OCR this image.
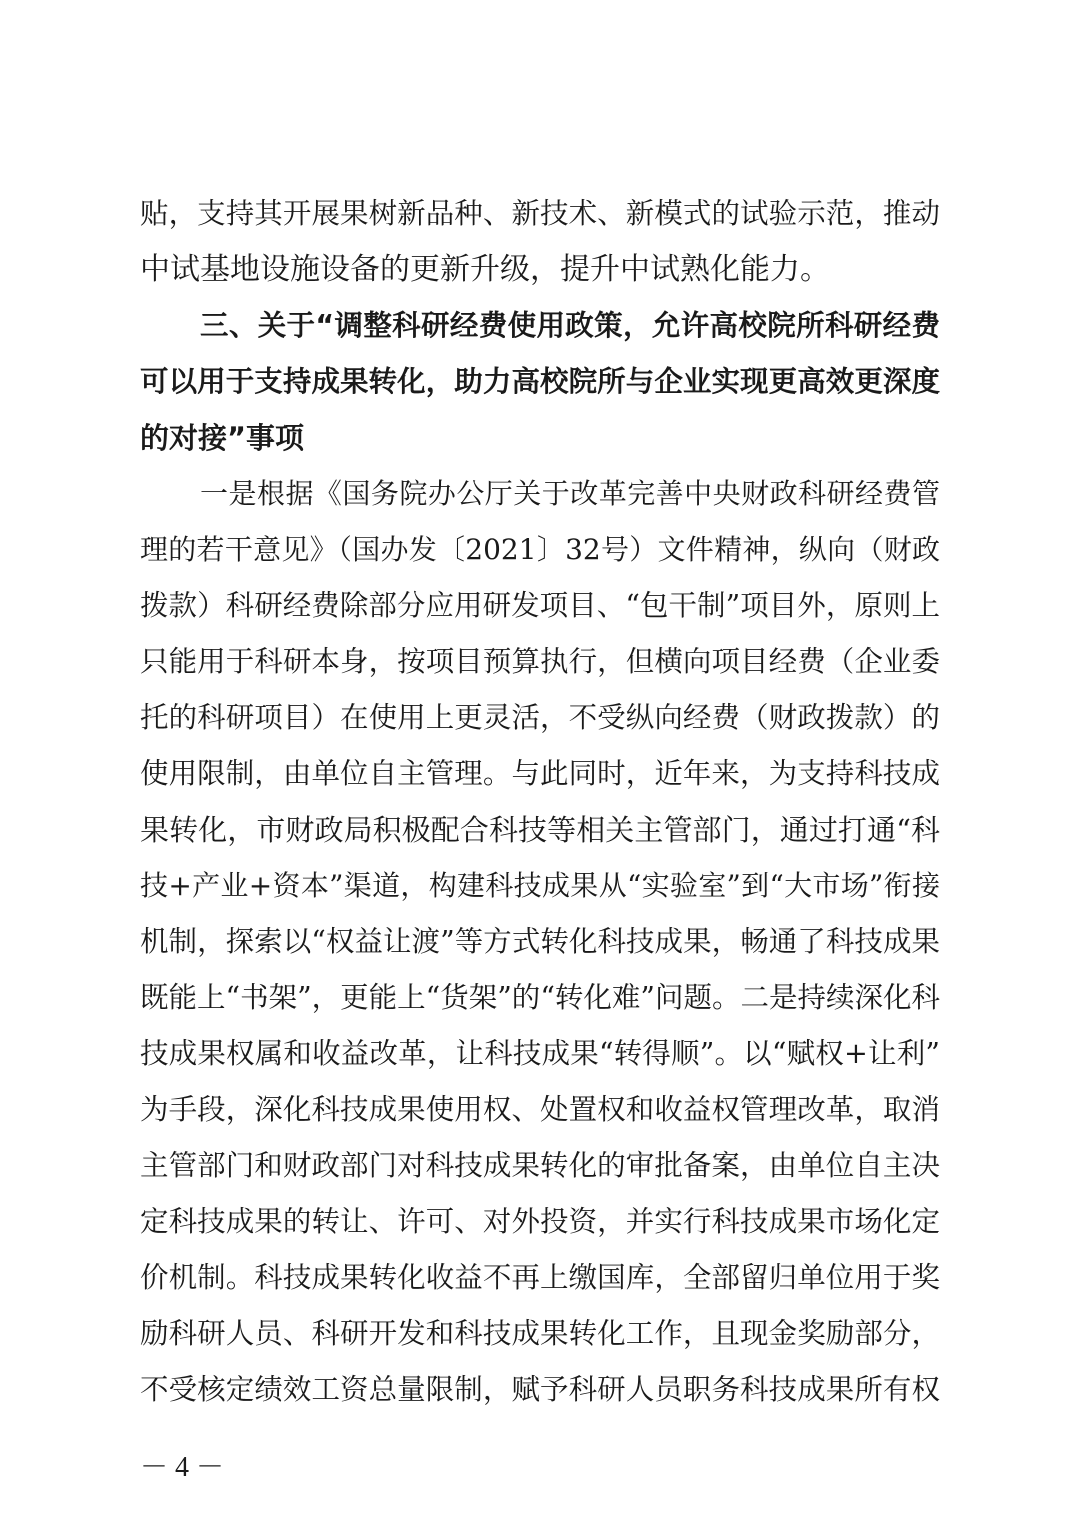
贴，支持其开展果树新品种、新技术、新模式的试验示范，推动
中试基地设施设备的更新升级，提升中试熟化能力。
三、关于“调整科研经费使用政策，允许高校院所科研经费
可以用于支持成果转化，助力高校院所与企业实现更高效更深度
的对接”事项
一是根据《国务院办公厅关于改革完善中央财政科研经费管
理的若干意见》（国办发〔2021〕32号）文件精神，纵向（财政
拨款）科研经费除部分应用研发项目、“包干制”项目外，原则上
只能用于科研本身，按项目预算执行，但横向项目经费（企业委
托的科研项目）在使用上更灵活，不受纵向经费（财政拨款）的
使用限制，由单位自主管理。与此同时，近年来，为支持科技成
果转化，市财政局积极配合科技等相关主管部门，通过打通“科
技+产业+资本”渠道，构建科技成果从“实验室”到“大市场”衔接
机制，探索以“权益让渡”等方式转化科技成果，畅通了科技成果
既能上“书架”，更能上“货架”的“转化难”问题。二是持续深化科
技成果权属和收益改革，让科技成果“转得顺”。以“赋权+让利”
为手段，深化科技成果使用权、处置权和收益权管理改革，取消
主管部门和财政部门对科技成果转化的审批备案，由单位自主决
定科技成果的转让、许可、对外投资，并实行科技成果市场化定
价机制。科技成果转化收益不再上缴国库，全部留归单位用于奖
励科研人员、科研开发和科技成果转化工作，且现金奖励部分，
不受核定绩效工资总量限制，赋予科研人员职务科技成果所有权
－ 4 －
